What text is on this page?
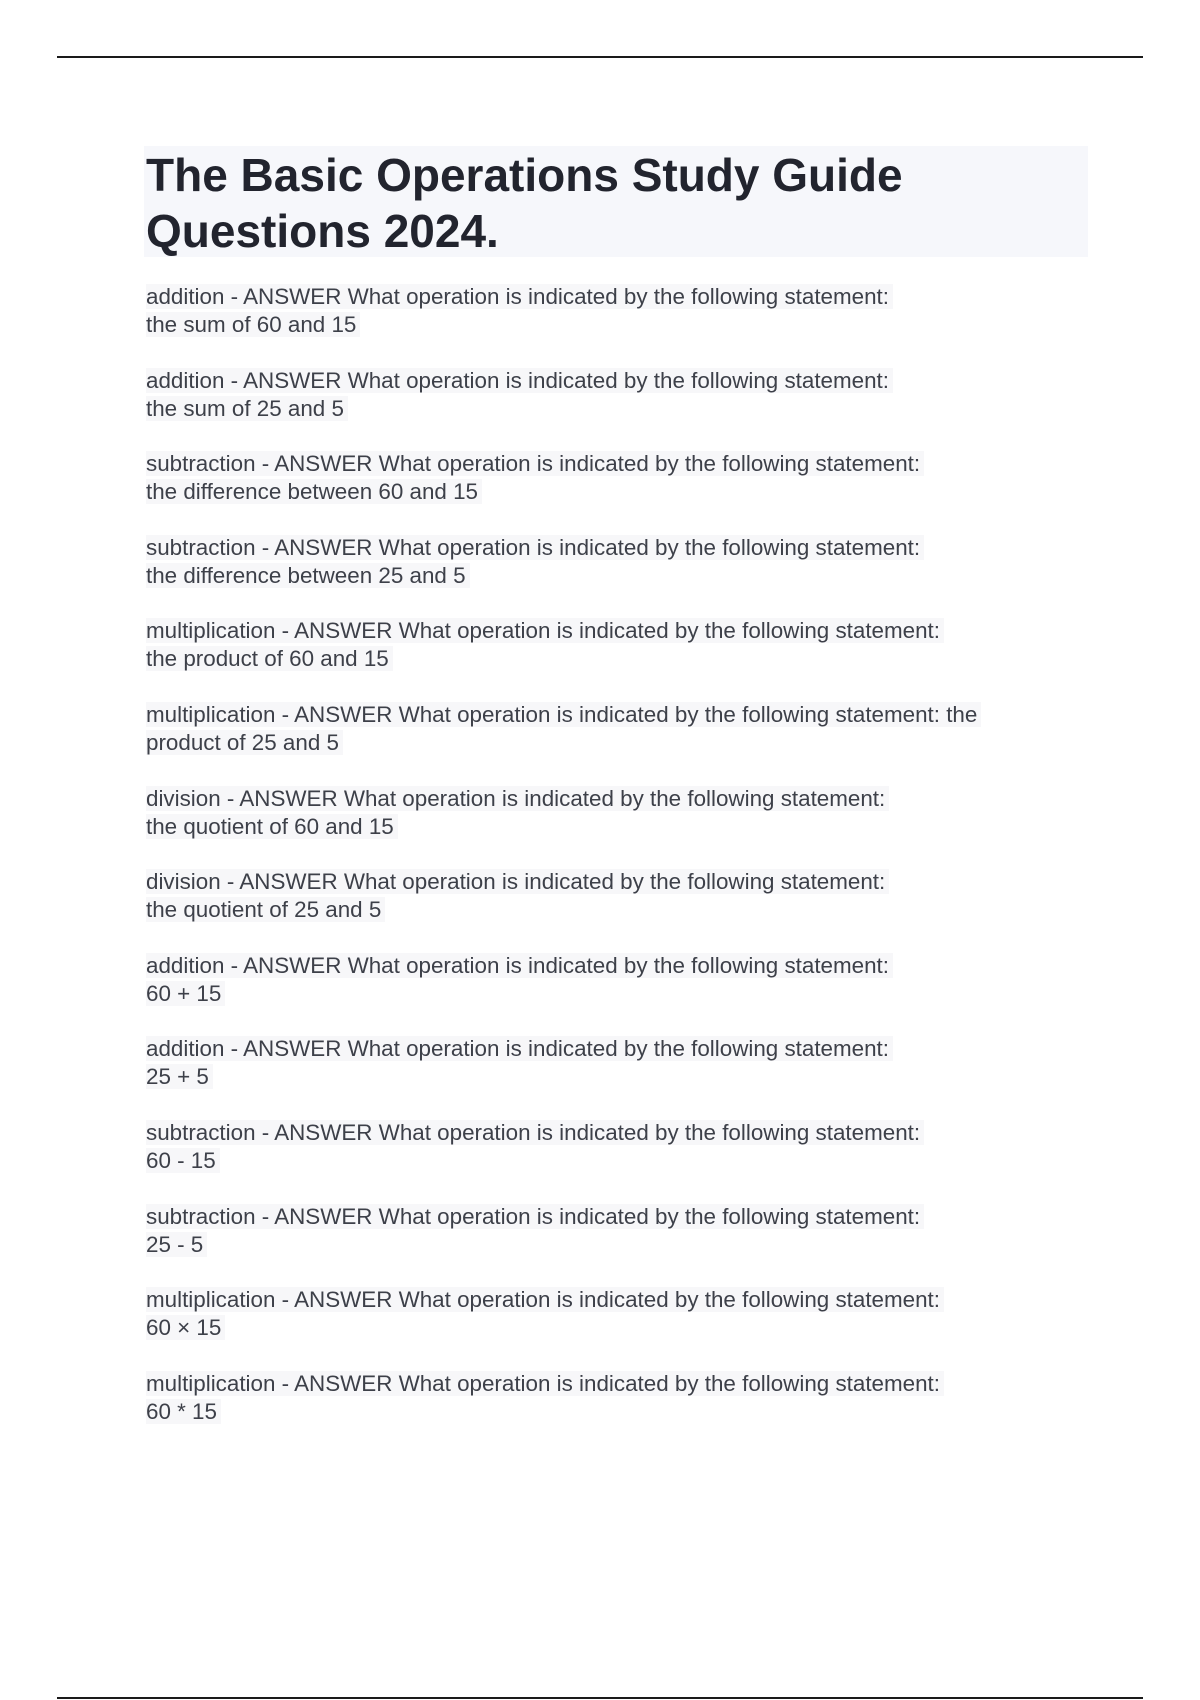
The Basic Operations Study Guide Questions 2024.
addition - ANSWER What operation is indicated by the following statement:
the sum of 60 and 15
addition - ANSWER What operation is indicated by the following statement:
the sum of 25 and 5
subtraction - ANSWER What operation is indicated by the following statement:
the difference between 60 and 15
subtraction - ANSWER What operation is indicated by the following statement:
the difference between 25 and 5
multiplication - ANSWER What operation is indicated by the following statement:
the product of 60 and 15
multiplication - ANSWER What operation is indicated by the following statement: the
product of 25 and 5
division - ANSWER What operation is indicated by the following statement:
the quotient of 60 and 15
division - ANSWER What operation is indicated by the following statement:
the quotient of 25 and 5
addition - ANSWER What operation is indicated by the following statement:
60 + 15
addition - ANSWER What operation is indicated by the following statement:
25 + 5
subtraction - ANSWER What operation is indicated by the following statement:
60 - 15
subtraction - ANSWER What operation is indicated by the following statement:
25 - 5
multiplication - ANSWER What operation is indicated by the following statement:
60 × 15
multiplication - ANSWER What operation is indicated by the following statement:
60 * 15
